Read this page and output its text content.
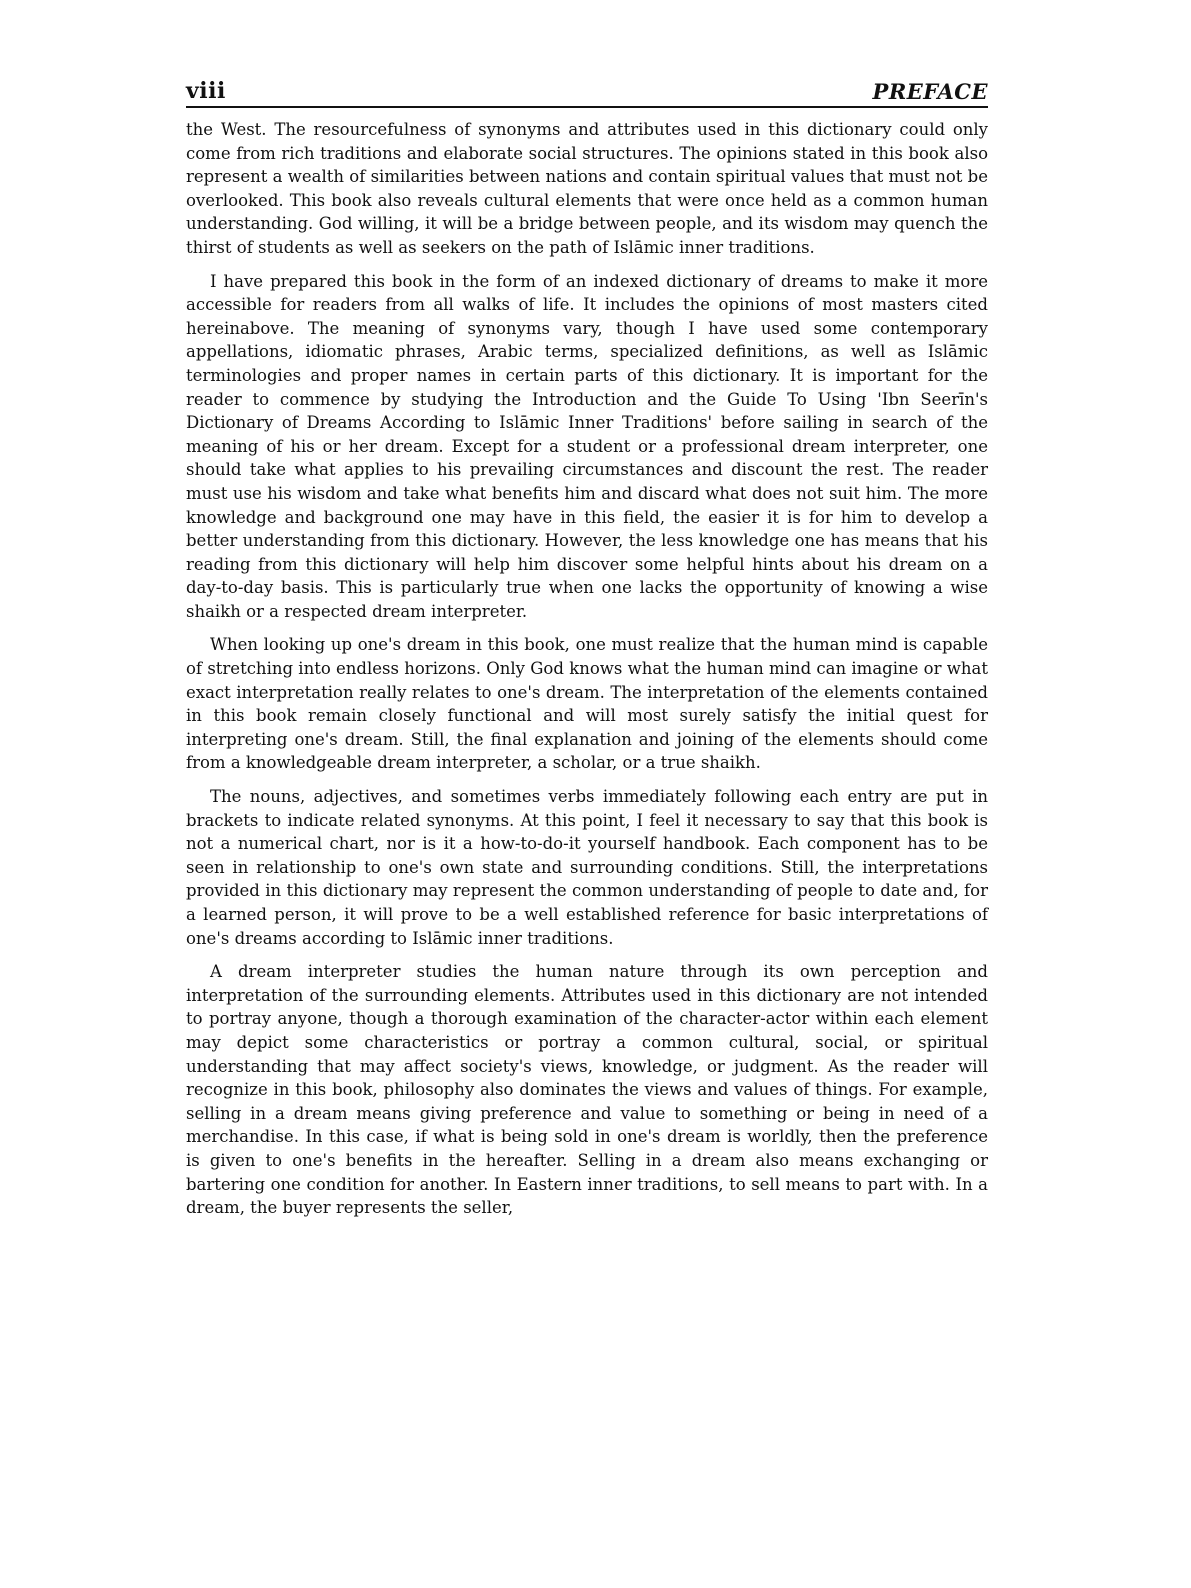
viii	PREFACE

the West. The resourcefulness of synonyms and attributes used in this dictionary could only come from rich traditions and elaborate social structures. The opinions stated in this book also represent a wealth of similarities between nations and contain spiritual values that must not be overlooked. This book also reveals cultural elements that were once held as a common human understanding. God willing, it will be a bridge between people, and its wisdom may quench the thirst of students as well as seekers on the path of Islāmic inner traditions.

I have prepared this book in the form of an indexed dictionary of dreams to make it more accessible for readers from all walks of life. It includes the opinions of most masters cited hereinabove. The meaning of synonyms vary, though I have used some contemporary appellations, idiomatic phrases, Arabic terms, specialized definitions, as well as Islāmic terminologies and proper names in certain parts of this dictionary. It is important for the reader to commence by studying the Introduction and the Guide To Using 'Ibn Seerīn's Dictionary of Dreams According to Islāmic Inner Traditions' before sailing in search of the meaning of his or her dream. Except for a student or a professional dream interpreter, one should take what applies to his prevailing circumstances and discount the rest. The reader must use his wisdom and take what benefits him and discard what does not suit him. The more knowledge and background one may have in this field, the easier it is for him to develop a better understanding from this dictionary. However, the less knowledge one has means that his reading from this dictionary will help him discover some helpful hints about his dream on a day-to-day basis. This is particularly true when one lacks the opportunity of knowing a wise shaikh or a respected dream interpreter.

When looking up one's dream in this book, one must realize that the human mind is capable of stretching into endless horizons. Only God knows what the human mind can imagine or what exact interpretation really relates to one's dream. The interpretation of the elements contained in this book remain closely functional and will most surely satisfy the initial quest for interpreting one's dream. Still, the final explanation and joining of the elements should come from a knowledgeable dream interpreter, a scholar, or a true shaikh.

The nouns, adjectives, and sometimes verbs immediately following each entry are put in brackets to indicate related synonyms. At this point, I feel it necessary to say that this book is not a numerical chart, nor is it a how-to-do-it yourself handbook. Each component has to be seen in relationship to one's own state and surrounding conditions. Still, the interpretations provided in this dictionary may represent the common understanding of people to date and, for a learned person, it will prove to be a well established reference for basic interpretations of one's dreams according to Islāmic inner traditions.

A dream interpreter studies the human nature through its own perception and interpretation of the surrounding elements. Attributes used in this dictionary are not intended to portray anyone, though a thorough examination of the character-actor within each element may depict some characteristics or portray a common cultural, social, or spiritual understanding that may affect society's views, knowledge, or judgment. As the reader will recognize in this book, philosophy also dominates the views and values of things. For example, selling in a dream means giving preference and value to something or being in need of a merchandise. In this case, if what is being sold in one's dream is worldly, then the preference is given to one's benefits in the hereafter. Selling in a dream also means exchanging or bartering one condition for another. In Eastern inner traditions, to sell means to part with. In a dream, the buyer represents the seller,
